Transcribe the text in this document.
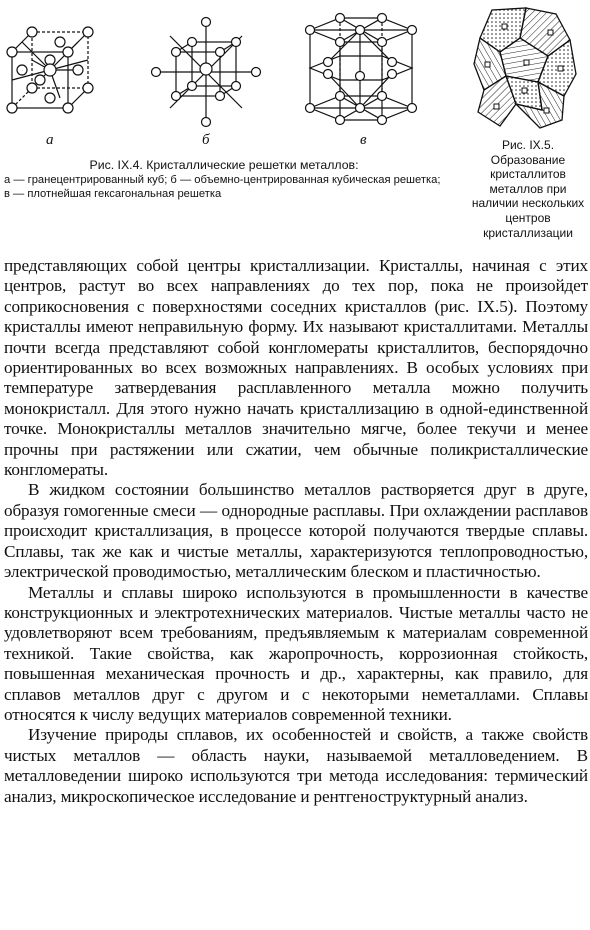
а	б	в
Рис. IX.4. Кристаллические решетки металлов:
а — гранецентрированный куб; б — объемно-центрированная кубическая решетка; в — плотнейшая гексагональная решетка
Рис. IX.5. Образование кристаллитов металлов при наличии нескольких центров кристаллизации

представляющих собой центры кристаллизации. Кристаллы, начиная с этих центров, растут во всех направлениях до тех пор, пока не произойдет соприкосновения с поверхностями соседних кристаллов (рис. IX.5). Поэтому кристаллы имеют неправильную форму. Их называют кристаллитами. Металлы почти всегда представляют собой конгломераты кристаллитов, беспорядочно ориентированных во всех возможных направлениях. В особых условиях при температуре затвердевания расплавленного металла можно получить монокристалл. Для этого нужно начать кристаллизацию в одной-единственной точке. Монокристаллы металлов значительно мягче, более текучи и менее прочны при растяжении или сжатии, чем обычные поликристаллические конгломераты.

В жидком состоянии большинство металлов растворяется друг в друге, образуя гомогенные смеси — однородные расплавы. При охлаждении расплавов происходит кристаллизация, в процессе которой получаются твердые сплавы. Сплавы, так же как и чистые металлы, характеризуются теплопроводностью, электрической проводимостью, металлическим блеском и пластичностью.

Металлы и сплавы широко используются в промышленности в качестве конструкционных и электротехнических материалов. Чистые металлы часто не удовлетворяют всем требованиям, предъявляемым к материалам современной техникой. Такие свойства, как жаропрочность, коррозионная стойкость, повышенная механическая прочность и др., характерны, как правило, для сплавов металлов друг с другом и с некоторыми неметаллами. Сплавы относятся к числу ведущих материалов современной техники.

Изучение природы сплавов, их особенностей и свойств, а также свойств чистых металлов — область науки, называемой металловедением. В металловедении широко используются три метода исследования: термический анализ, микроскопическое исследование и рентгеноструктурный анализ.
